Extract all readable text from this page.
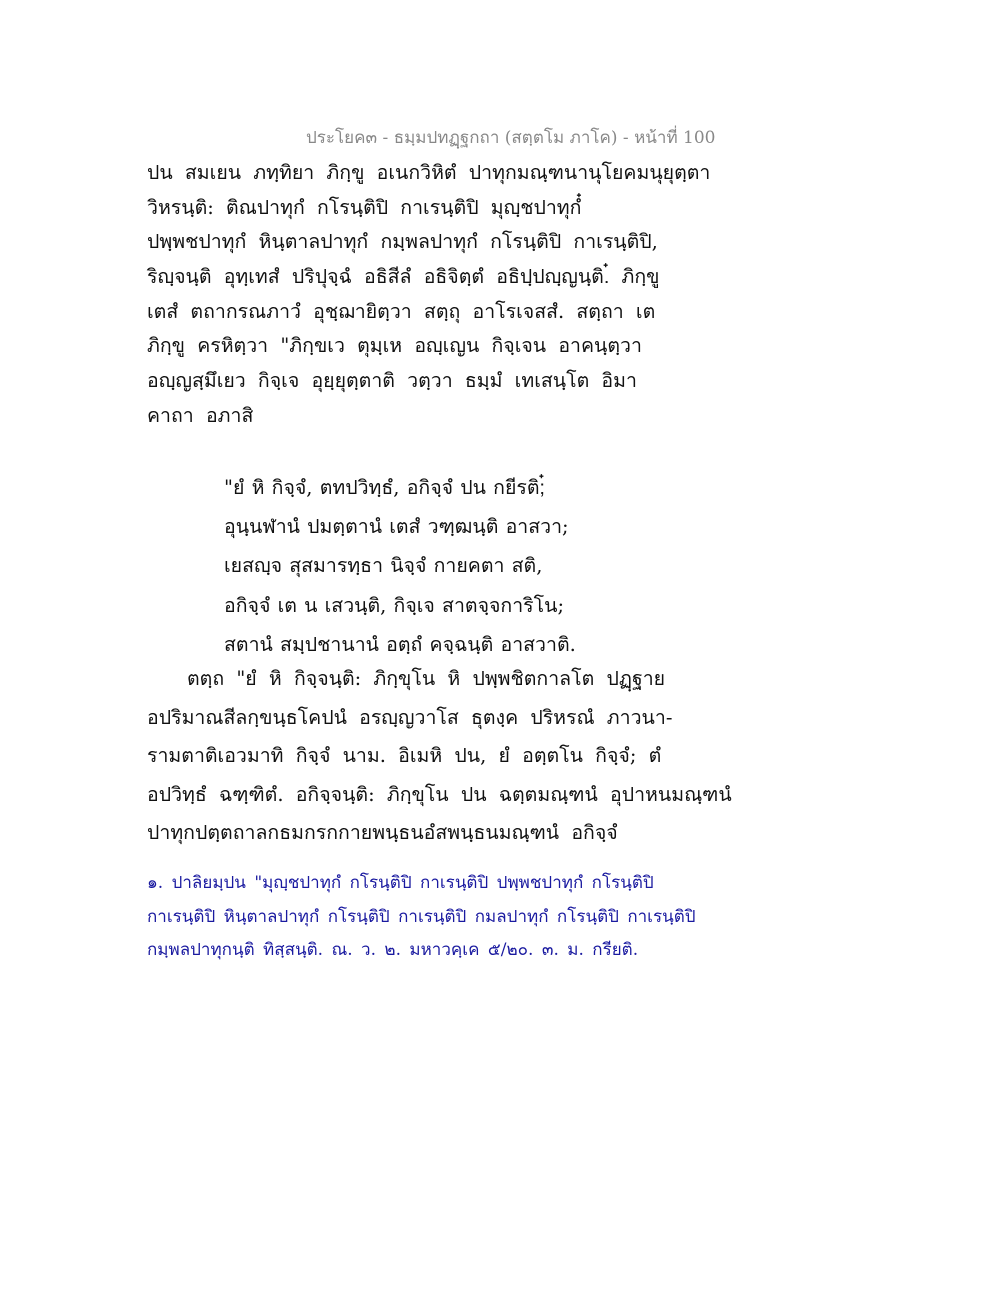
ประโยค๓ - ธมฺมปทฏฺฐกถา (สตฺตโม ภาโค) - หน้าที่ 100
ปน สมเยน ภทฺทิยา ภิกฺขู อเนกวิหิตํ ปาทุกมณฺฑนานุโยคมนุยุตฺตา
วิหรนฺติ: ติณปาทุกํ กโรนฺติปิ กาเรนฺติปิ มุญฺชปาทุกํ๋
ปพฺพชปาทุกํ หินฺตาลปาทุกํ กมฺพลปาทุกํ กโรนฺติปิ กาเรนฺติปิ,
ริญฺจนฺติ อุทฺเทสํ ปริปุจฺฉํ อธิสีลํ อธิจิตฺตํ อธิปฺปญฺญนฺติ.๋ ภิกฺขู
เตสํ ตถากรณภาวํ อุชฺฌายิตฺวา สตฺถุ อาโรเจสสํ. สตฺถา เต
ภิกฺขู ครหิตฺวา "ภิกฺขเว ตุมฺเห อญฺเญน กิจฺเจน อาคนฺตฺวา
อญฺญสฺมึเยว กิจฺเจ อุยฺยุตฺตาติ วตฺวา ธมฺมํ เทเสนฺโต อิมา
คาถา อภาสิ
"ยํ หิ กิจฺจํ, ตทปวิทฺธํ, อกิจฺจํ ปน กยีรติ;๋
อุนฺนฬานํ ปมตฺตานํ เตสํ วฑฺฒนฺติ อาสวา;
เยสญฺจ สุสมารทฺธา นิจฺจํ กายคตา สติ,
อกิจฺจํ เต น เสวนฺติ, กิจฺเจ สาตจฺจการิโน;
สตานํ สมฺปชานานํ อตฺถํ คจฺฉนฺติ อาสวาติ.
ตตฺถ "ยํ หิ กิจฺจนฺติ: ภิกฺขุโน หิ ปพฺพชิตกาลโต ปฏฺฐาย
อปริมาณสีลกฺขนฺธโคปนํ อรญฺญวาโส ธุตงฺค ปริหรณํ ภาวนา-
รามตาติเอวมาทิ กิจฺจํ นาม. อิเมหิ ปน, ยํ อตฺตโน กิจฺจํ; ตํ
อปวิทฺธํ ฉฑฺฑิตํ. อกิจฺจนฺติ: ภิกฺขุโน ปน ฉตฺตมณฺฑนํ อุปาหนมณฺฑนํ
ปาทุกปตฺตถาลกธมกรกกายพนฺธนอํสพนฺธนมณฺฑนํ อกิจฺจํ
๑. ปาลิยมฺปน "มุญฺชปาทุกํ กโรนฺติปิ กาเรนฺติปิ ปพฺพชปาทุกํ กโรนฺติปิ
กาเรนฺติปิ หินฺตาลปาทุกํ กโรนฺติปิ กาเรนฺติปิ กมลปาทุกํ กโรนฺติปิ กาเรนฺติปิ
กมฺพลปาทุกนฺติ ทิสฺสนฺติ. ณ. ว. ๒. มหาวคฺเค ๕/๒๐. ๓. ม. กรียติ.
